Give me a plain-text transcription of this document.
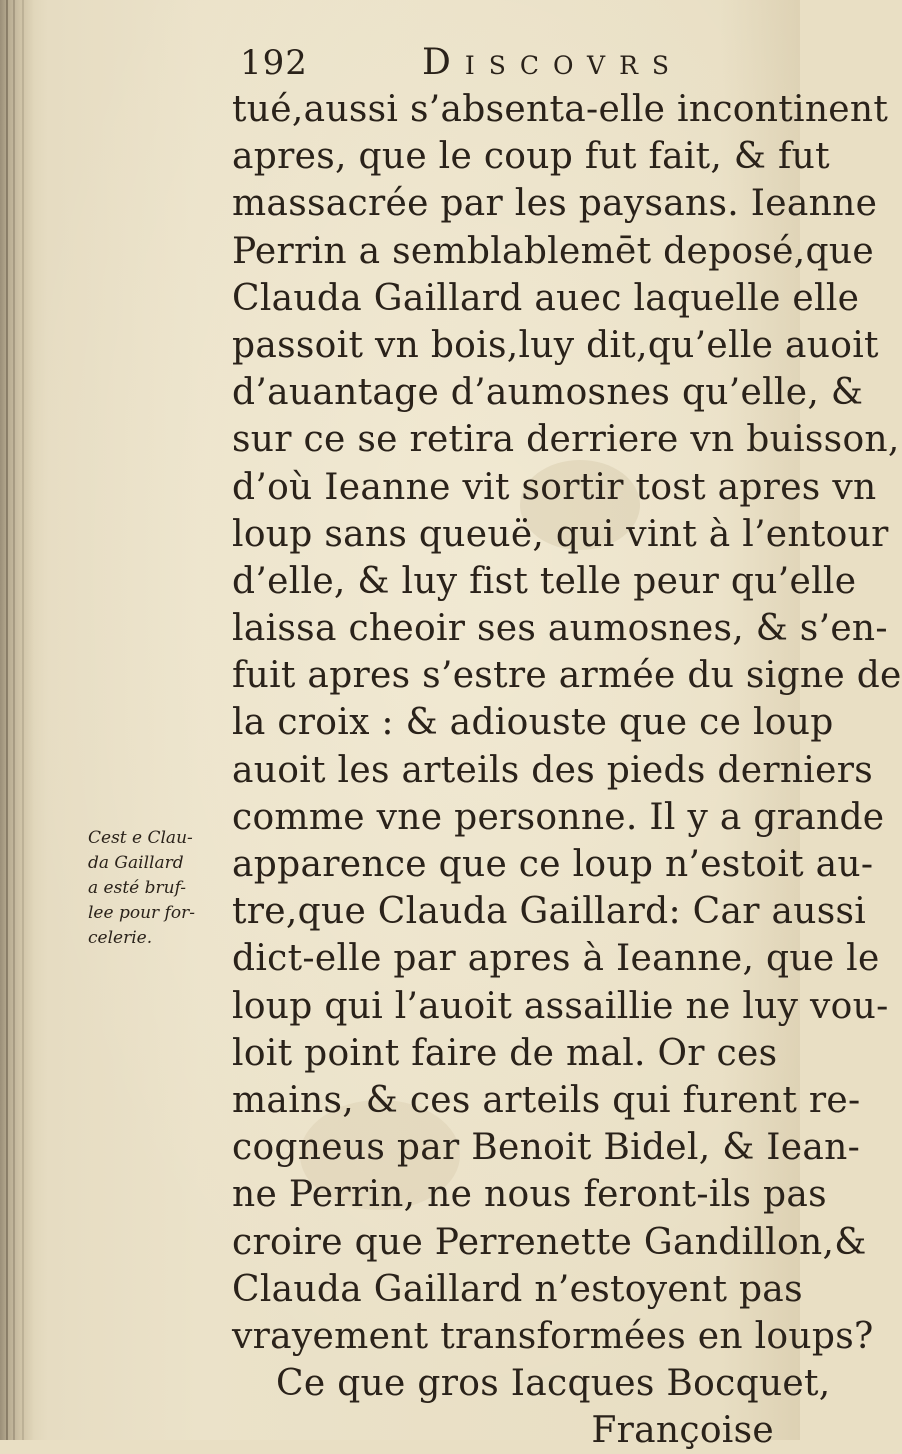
192	Discovrs
tué,aussi s’absenta-elle incontinent
apres, que le coup fut fait, & fut
massacrée par les paysans. Ieanne
Perrin a semblablemēt deposé,que
Clauda Gaillard auec laquelle elle
passoit vn bois,luy dit,qu’elle auoit
d’auantage d’aumosnes qu’elle, &
sur ce se retira derriere vn buisson,
d’où Ieanne vit sortir tost apres vn
loup sans queuë, qui vint à l’entour
d’elle, & luy fist telle peur qu’elle
laissa cheoir ses aumosnes, & s’en-
fuit apres s’estre armée du signe de
la croix : & adiouste que ce loup
auoit les arteils des pieds derniers
comme vne personne. Il y a grande
apparence que ce loup n’estoit au-
tre,que Clauda Gaillard: Car aussi
dict-elle par apres à Ieanne, que le
loup qui l’auoit assaillie ne luy vou-
loit point faire de mal. Or ces
mains, & ces arteils qui furent re-
cogneus par Benoit Bidel, & Iean-
ne Perrin, ne nous feront-ils pas
croire que Perrenette Gandillon,&
Clauda Gaillard n’estoyent pas
vrayement transformées en loups?
Ce que gros Iacques Bocquet,
Françoise
Cest e Clau-
da Gaillard
a esté bruf-
lee pour for-
celerie.
